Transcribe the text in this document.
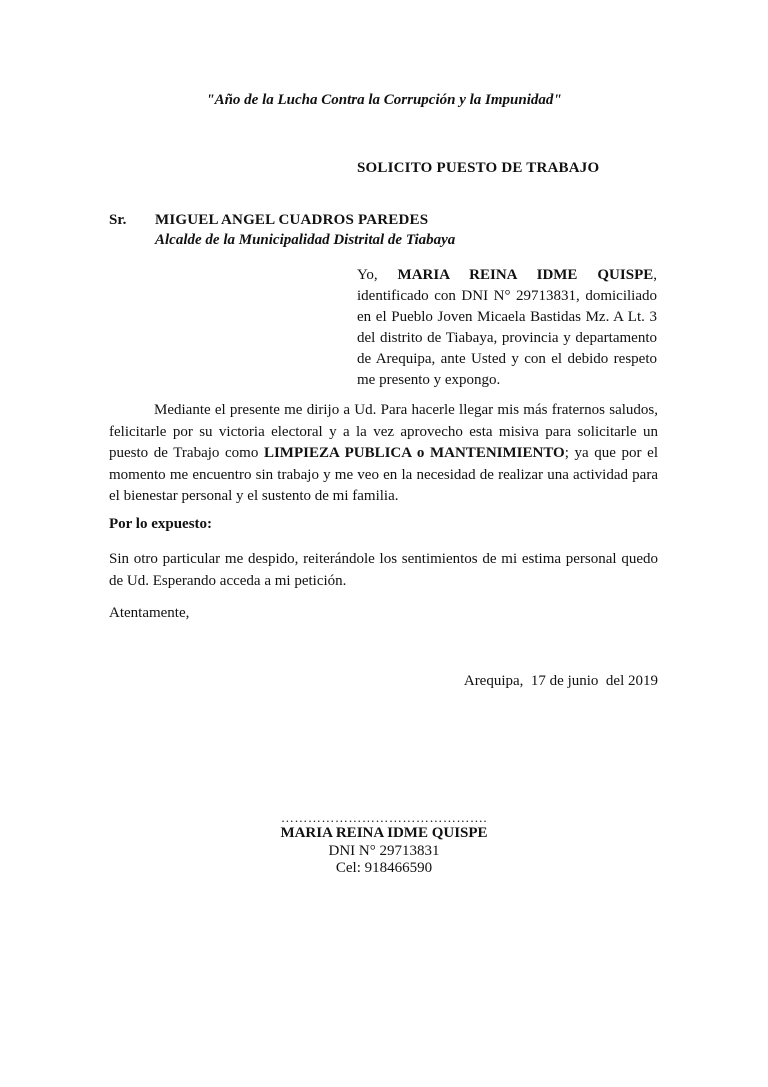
"Año de la Lucha Contra la Corrupción y la Impunidad"
SOLICITO PUESTO DE TRABAJO
Sr. MIGUEL ANGEL CUADROS PAREDES
Alcalde de la Municipalidad Distrital de Tiabaya
Yo, MARIA REINA IDME QUISPE, identificado con DNI N° 29713831, domiciliado en el Pueblo Joven Micaela Bastidas Mz. A Lt. 3 del distrito de Tiabaya, provincia y departamento de Arequipa, ante Usted y con el debido respeto me presento y expongo.
Mediante el presente me dirijo a Ud. Para hacerle llegar mis más fraternos saludos, felicitarle por su victoria electoral y a la vez aprovecho esta misiva para solicitarle un puesto de Trabajo como LIMPIEZA PUBLICA o MANTENIMIENTO; ya que por el momento me encuentro sin trabajo y me veo en la necesidad de realizar una actividad para el bienestar personal y el sustento de mi familia.
Por lo expuesto:
Sin otro particular me despido, reiterándole los sentimientos de mi estima personal quedo de Ud. Esperando acceda a mi petición.
Atentamente,
Arequipa,  17 de junio  del 2019
……………………………………….
MARIA REINA IDME QUISPE
DNI N° 29713831
Cel: 918466590
